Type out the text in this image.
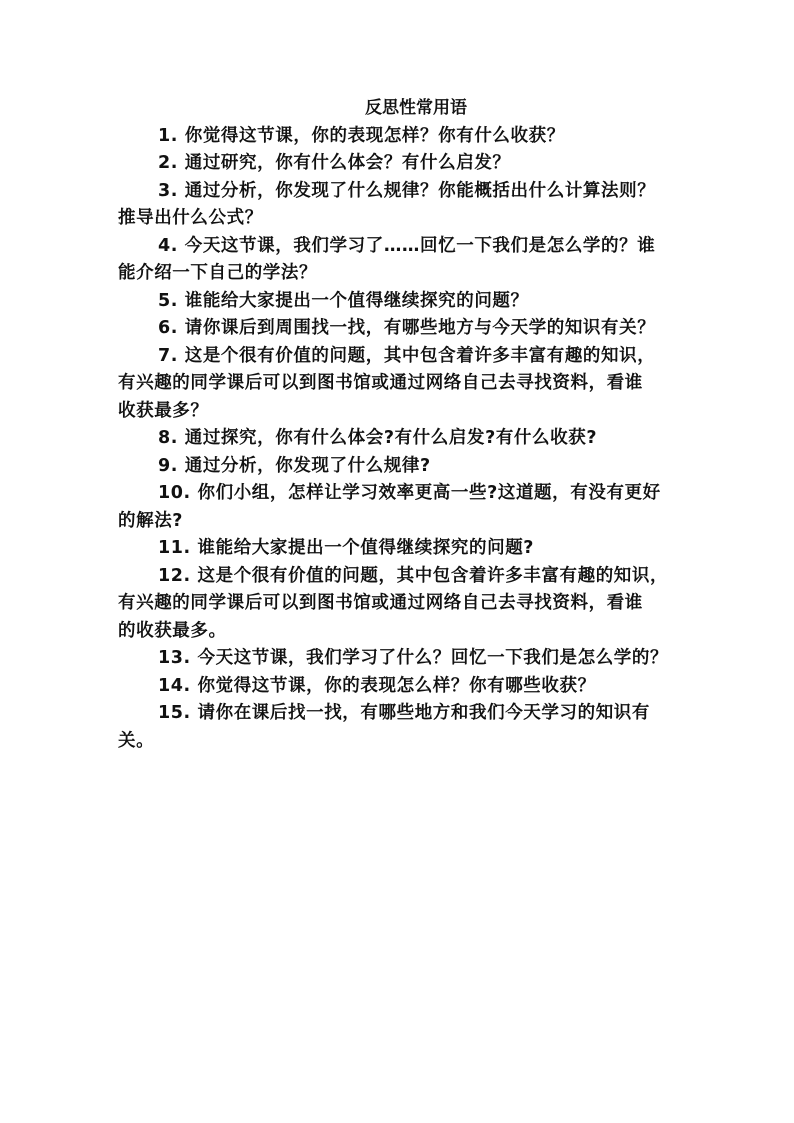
反思性常用语
1. 你觉得这节课，你的表现怎样？你有什么收获？
2. 通过研究，你有什么体会？有什么启发？
3. 通过分析，你发现了什么规律？你能概括出什么计算法则？
推导出什么公式？
4. 今天这节课，我们学习了……回忆一下我们是怎么学的？谁
能介绍一下自己的学法？
5. 谁能给大家提出一个值得继续探究的问题？
6. 请你课后到周围找一找，有哪些地方与今天学的知识有关？
7. 这是个很有价值的问题，其中包含着许多丰富有趣的知识，
有兴趣的同学课后可以到图书馆或通过网络自己去寻找资料，看谁
收获最多？
8. 通过探究，你有什么体会?有什么启发?有什么收获?
9. 通过分析，你发现了什么规律?
10. 你们小组，怎样让学习效率更高一些?这道题，有没有更好
的解法?
11. 谁能给大家提出一个值得继续探究的问题?
12. 这是个很有价值的问题，其中包含着许多丰富有趣的知识，
有兴趣的同学课后可以到图书馆或通过网络自己去寻找资料，看谁
的收获最多。
13. 今天这节课，我们学习了什么？回忆一下我们是怎么学的？
14. 你觉得这节课，你的表现怎么样？你有哪些收获？
15. 请你在课后找一找，有哪些地方和我们今天学习的知识有
关。
